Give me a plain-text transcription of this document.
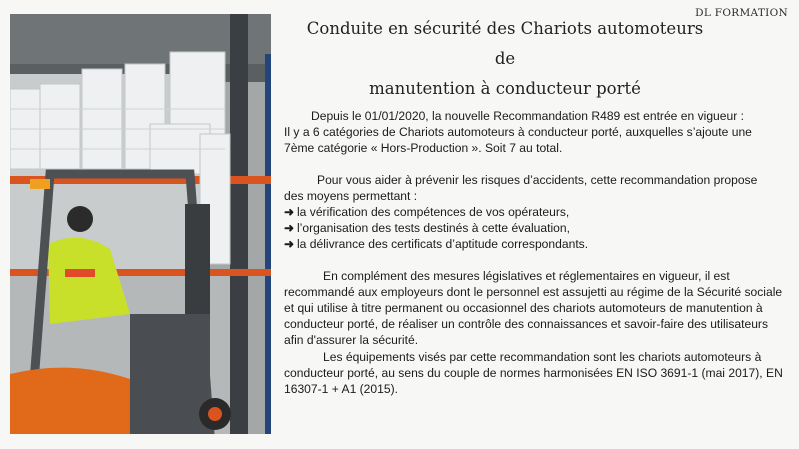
DL FORMATION
Conduite en sécurité des Chariots automoteurs de
manutention à conducteur porté

Depuis le 01/01/2020, la nouvelle Recommandation R489 est entrée en vigueur :
Il y a 6 catégories de Chariots automoteurs à conducteur porté, auxquelles s’ajoute une 7ème catégorie « Hors-Production ». Soit 7 au total.

Pour vous aider à prévenir les risques d’accidents, cette recommandation propose
des moyens permettant :
➜ la vérification des compétences de vos opérateurs,
➜ l’organisation des tests destinés à cette évaluation,
➜ la délivrance des certificats d’aptitude correspondants.

En complément des mesures législatives et réglementaires en vigueur, il est
recommandé aux employeurs dont le personnel est assujetti au régime de la Sécurité sociale et qui utilise à titre permanent ou occasionnel des chariots automoteurs de manutention à conducteur porté, de réaliser un contrôle des connaissances et savoir-faire des utilisateurs afin d'assurer la sécurité.

Les équipements visés par cette recommandation sont les chariots automoteurs à
conducteur porté, au sens du couple de normes harmonisées EN ISO 3691-1 (mai 2017), EN 16307-1 + A1 (2015).
